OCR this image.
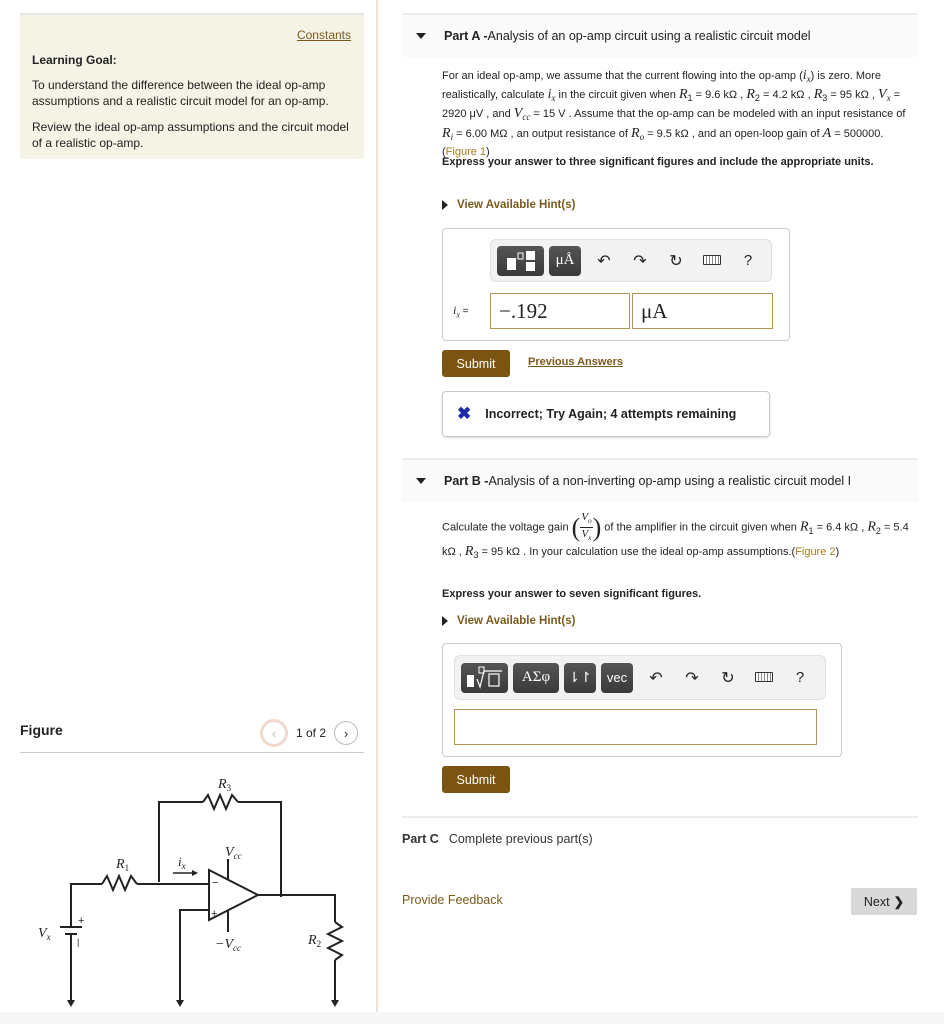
Constants
Learning Goal:
To understand the difference between the ideal op-amp assumptions and a realistic circuit model for an op-amp.
Review the ideal op-amp assumptions and the circuit model of a realistic op-amp.
Figure	‹ 1 of 2 ›
$R_3$
$R_1$	$i_x$
$V_{cc}$
$-V_{cc}$
$V_x$	$R_2$
+
|
−
+
Part A - Analysis of an op-amp circuit using a realistic circuit model
For an ideal op-amp, we assume that the current flowing into the op-amp $(i_x)$ is zero. More realistically, calculate $i_x$ in the circuit given when $R_1 = 9.6$ kΩ , $R_2 = 4.2$ kΩ , $R_3 = 95$ kΩ , $V_x = 2920$ μV , and $V_{cc} = 15$ V . Assume that the op-amp can be modeled with an input resistance of $R_i = 6.00$ MΩ , an output resistance of $R_o = 9.5$ kΩ , and an open-loop gain of A = 500000.(Figure 1)
Express your answer to three significant figures and include the appropriate units.
View Available Hint(s)
μÅ	↶	↷	↻	?
$i_x$ =	−.192	μA
Submit	Previous Answers
✖ Incorrect; Try Again; 4 attempts remaining
Part B - Analysis of a non-inverting op-amp using a realistic circuit model I
Calculate the voltage gain ( $V_o$
$V_x$ ) of the amplifier in the circuit given when $R_1 = 6.4$ kΩ , $R_2 = 5.4$ kΩ , $R_3 = 95$ kΩ . In your calculation use the ideal op-amp assumptions.(Figure 2)
Express your answer to seven significant figures.
View Available Hint(s)
ΑΣφ	⇂↾	vec	↶	↷	↻	?
Submit
Part C Complete previous part(s)
Provide Feedback	Next ❯
